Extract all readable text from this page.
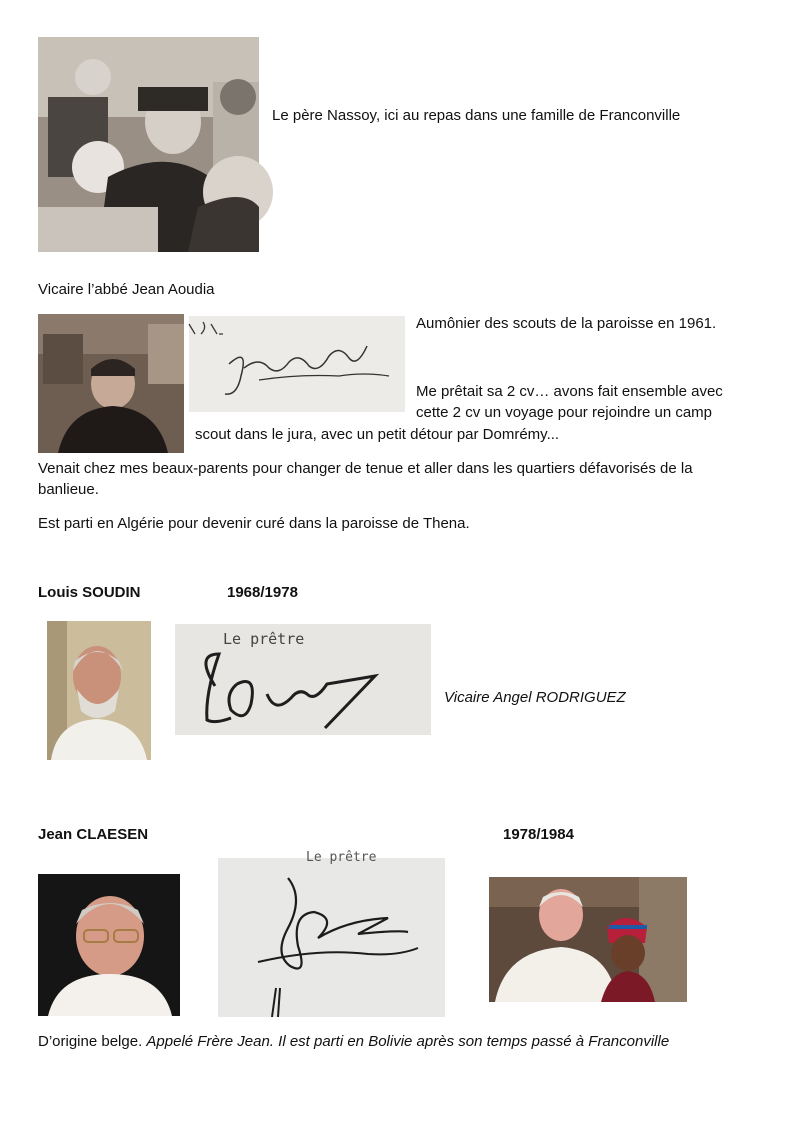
Le père Nassoy, ici au repas dans une famille de Franconville
Vicaire l’abbé Jean Aoudia
Aumônier des scouts de la paroisse en 1961.
Me prêtait sa 2 cv… avons fait ensemble avec
cette 2 cv un voyage pour rejoindre un camp
scout dans le jura, avec un petit détour par Domrémy...
Venait chez mes beaux-parents pour changer de tenue et aller dans les quartiers défavorisés de la banlieue.
Est parti en Algérie pour devenir curé dans la paroisse de Thena.
Louis SOUDIN	1968/1978
Le prêtre
Vicaire Angel RODRIGUEZ
Jean CLAESEN	1978/1984
Le prêtre
D’origine belge. Appelé Frère Jean. Il est parti en Bolivie après son temps passé à Franconville
